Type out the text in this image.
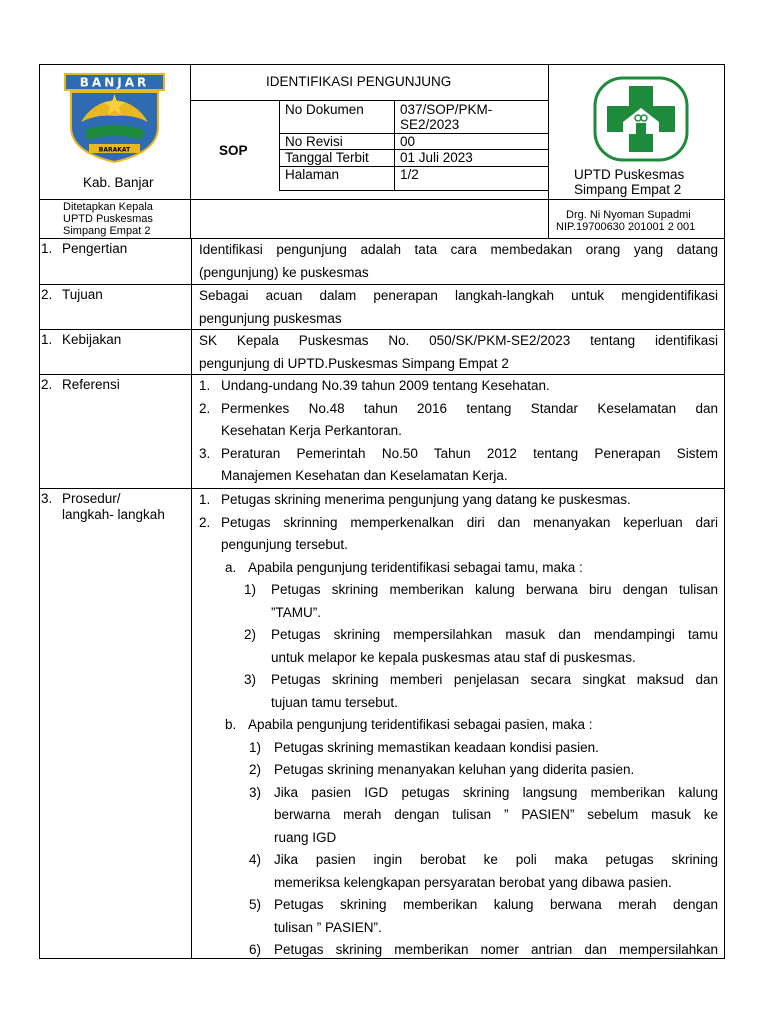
BANJAR
BARAKAT
Kab. Banjar
IDENTIFIKASI PENGUNJUNG
SOP
No Dokumen	037/SOP/PKM-
SE2/2023
No Revisi	00
Tanggal Terbit 01 Juli 2023
Halaman	1/2	UPTD Puskesmas
Simpang Empat 2
Ditetapkan Kepala
UPTD Puskesmas
Simpang Empat 2
Drg. Ni Nyoman Supadmi
NIP.19700630 201001 2 001
1. Pengertian	Identifikasi pengunjung adalah tata cara membedakan orang yang datang
(pengunjung) ke puskesmas
2. Tujuan	Sebagai acuan dalam penerapan langkah-langkah untuk mengidentifikasi
pengunjung puskesmas
1. Kebijakan	SK Kepala Puskesmas No. 050/SK/PKM-SE2/2023 tentang identifikasi
pengunjung di UPTD.Puskesmas Simpang Empat 2
2. Referensi	1. Undang-undang No.39 tahun 2009 tentang Kesehatan.
2. Permenkes No.48 tahun 2016 tentang Standar Keselamatan dan
Kesehatan Kerja Perkantoran.
3. Peraturan Pemerintah No.50 Tahun 2012 tentang Penerapan Sistem
Manajemen Kesehatan dan Keselamatan Kerja.
3. Prosedur/
langkah- langkah
1. Petugas skrining menerima pengunjung yang datang ke puskesmas.
2. Petugas skrinning memperkenalkan diri dan menanyakan keperluan dari
pengunjung tersebut.
a. Apabila pengunjung teridentifikasi sebagai tamu, maka :
1) Petugas skrining memberikan kalung berwana biru dengan tulisan
”TAMU”.
2) Petugas skrining mempersilahkan masuk dan mendampingi tamu
untuk melapor ke kepala puskesmas atau staf di puskesmas.
3) Petugas skrining memberi penjelasan secara singkat maksud dan
tujuan tamu tersebut.
b. Apabila pengunjung teridentifikasi sebagai pasien, maka :
1) Petugas skrining memastikan keadaan kondisi pasien.
2) Petugas skrining menanyakan keluhan yang diderita pasien.
3) Jika pasien IGD petugas skrining langsung memberikan kalung
berwarna merah dengan tulisan ” PASIEN” sebelum masuk ke
ruang IGD
4) Jika pasien ingin berobat ke poli maka petugas skrining
memeriksa kelengkapan persyaratan berobat yang dibawa pasien.
5) Petugas skrining memberikan kalung berwana merah dengan
tulisan ” PASIEN”.
6) Petugas skrining memberikan nomer antrian dan mempersilahkan
